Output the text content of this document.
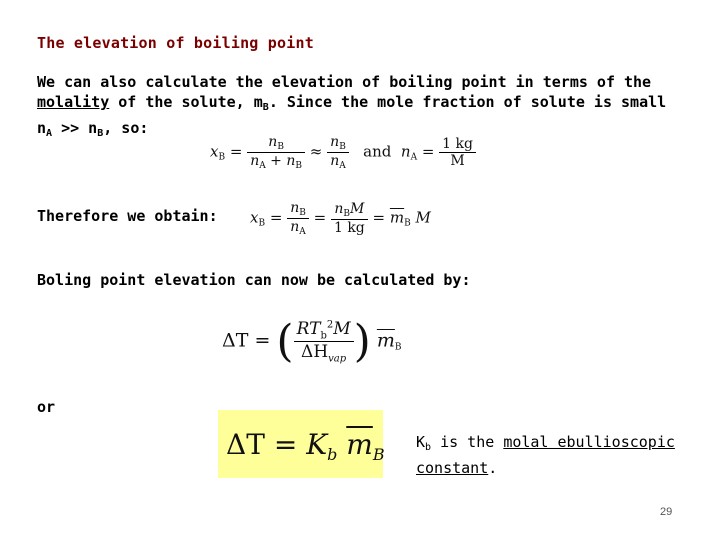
The elevation of boiling point
We can also calculate the elevation of boiling point in terms of the
molality of the solute, $m_B$. Since the mole fraction of solute is small
$n_A >> n_B$, so:
$x_B = \frac{n_B}{n_A + n_B} \approx \frac{n_B}{n_A}$ and $n_A = \frac{1 kg}{M}$
Therefore we obtain: $x_B = \frac{n_B}{n_A} = \frac{n_BM}{1 kg} = \overline{m}_B$ M
Boling point elevation can now be calculated by:
ΔT = ( $\frac{RT_b^2M}{\Delta H_{vap}}$ ) $\overline{m}B$
or
$\Delta T = K_b$ $\overline{m}_B$
$K_b$ is the molal ebullioscopic
constant.
29
